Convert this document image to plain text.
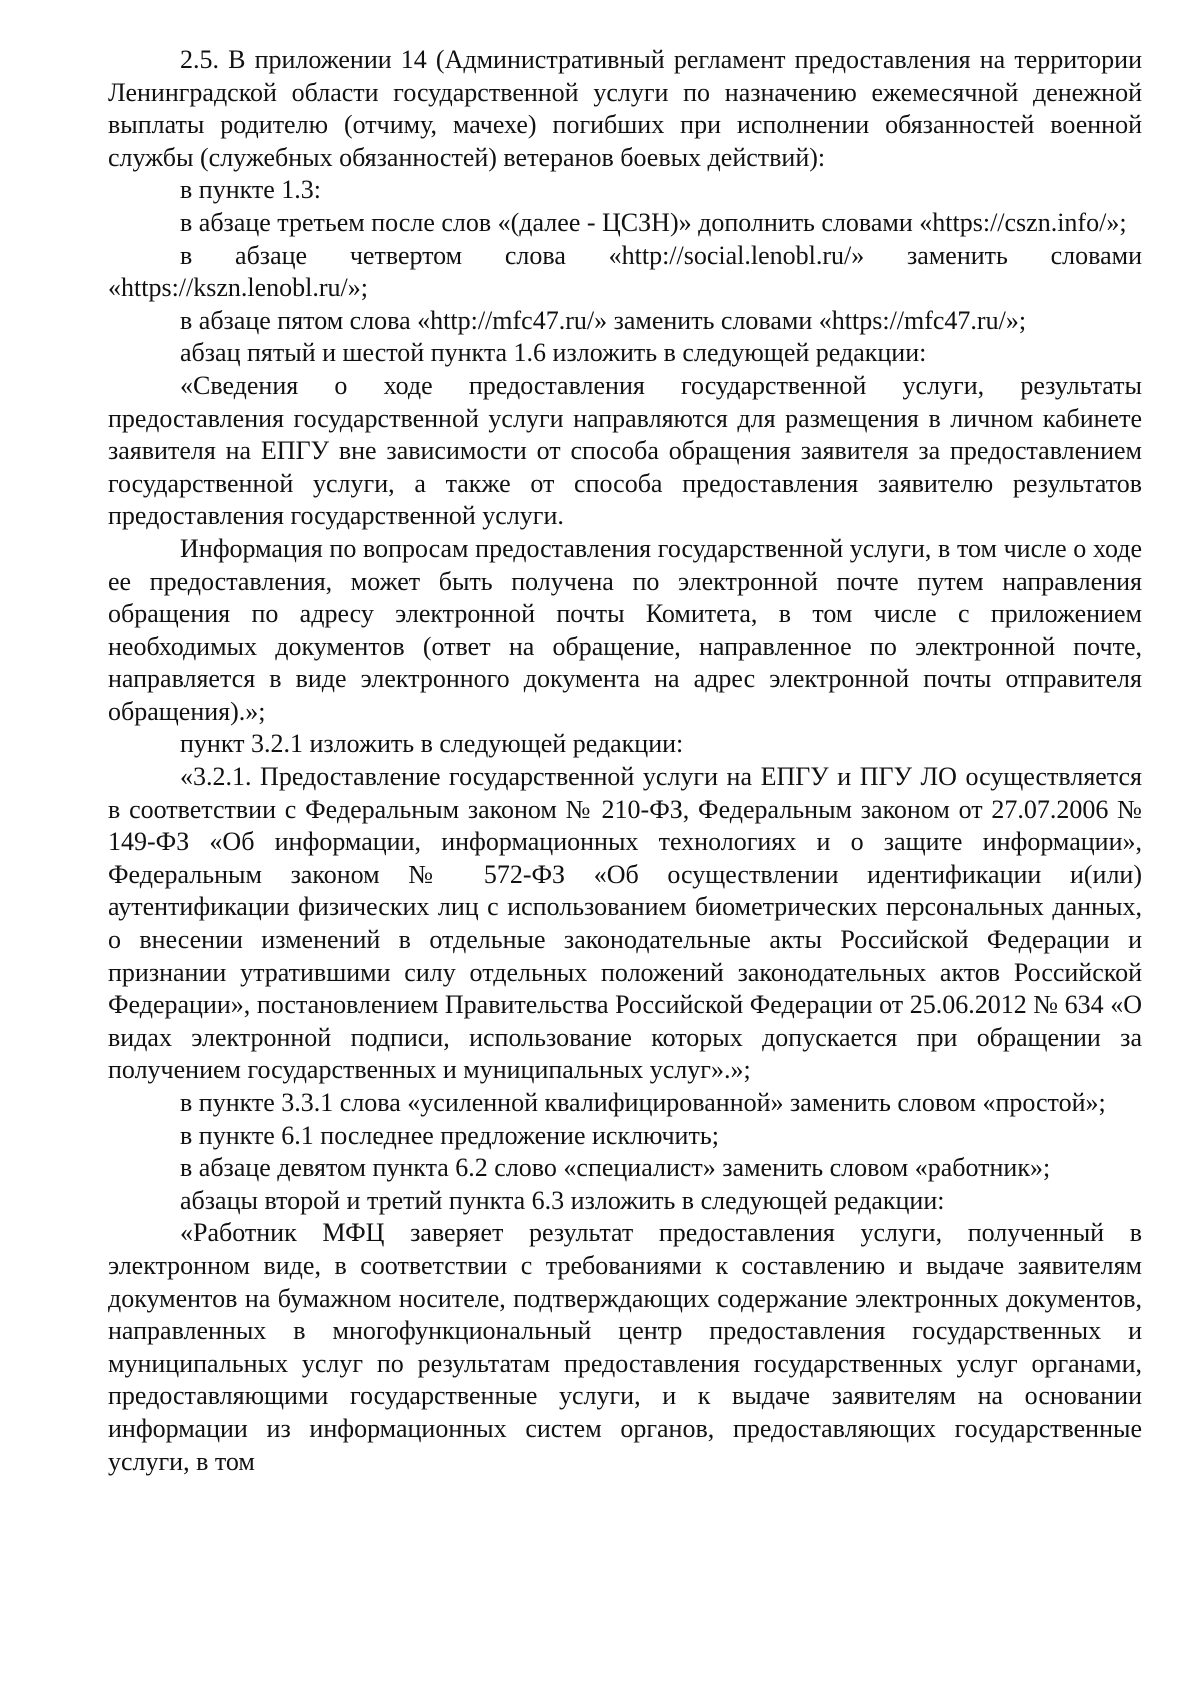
2.5. В приложении 14 (Административный регламент предоставления на территории Ленинградской области государственной услуги по назначению ежемесячной денежной выплаты родителю (отчиму, мачехе) погибших при исполнении обязанностей военной службы (служебных обязанностей) ветеранов боевых действий):

в пункте 1.3:

в абзаце третьем после слов «(далее - ЦСЗН)» дополнить словами «https://cszn.info/»;

в абзаце четвертом слова «http://social.lenobl.ru/» заменить словами «https://kszn.lenobl.ru/»;

в абзаце пятом слова «http://mfc47.ru/» заменить словами «https://mfc47.ru/»;

абзац пятый и шестой пункта 1.6 изложить в следующей редакции:

«Сведения о ходе предоставления государственной услуги, результаты предоставления государственной услуги направляются для размещения в личном кабинете заявителя на ЕПГУ вне зависимости от способа обращения заявителя за предоставлением государственной услуги, а также от способа предоставления заявителю результатов предоставления государственной услуги.

Информация по вопросам предоставления государственной услуги, в том числе о ходе ее предоставления, может быть получена по электронной почте путем направления обращения по адресу электронной почты Комитета, в том числе с приложением необходимых документов (ответ на обращение, направленное по электронной почте, направляется в виде электронного документа на адрес электронной почты отправителя обращения).»;

пункт 3.2.1 изложить в следующей редакции:

«3.2.1. Предоставление государственной услуги на ЕПГУ и ПГУ ЛО осуществляется в соответствии с Федеральным законом № 210-ФЗ, Федеральным законом от 27.07.2006 № 149-ФЗ «Об информации, информационных технологиях и о защите информации», Федеральным законом № 572-ФЗ «Об осуществлении идентификации и(или) аутентификации физических лиц с использованием биометрических персональных данных, о внесении изменений в отдельные законодательные акты Российской Федерации и признании утратившими силу отдельных положений законодательных актов Российской Федерации», постановлением Правительства Российской Федерации от 25.06.2012 № 634 «О видах электронной подписи, использование которых допускается при обращении за получением государственных и муниципальных услуг».»;

в пункте 3.3.1 слова «усиленной квалифицированной» заменить словом «простой»;

в пункте 6.1 последнее предложение исключить;

в абзаце девятом пункта 6.2 слово «специалист» заменить словом «работник»;

абзацы второй и третий пункта 6.3 изложить в следующей редакции:

«Работник МФЦ заверяет результат предоставления услуги, полученный в электронном виде, в соответствии с требованиями к составлению и выдаче заявителям документов на бумажном носителе, подтверждающих содержание электронных документов, направленных в многофункциональный центр предоставления государственных и муниципальных услуг по результатам предоставления государственных услуг органами, предоставляющими государственные услуги, и к выдаче заявителям на основании информации из информационных систем органов, предоставляющих государственные услуги, в том
